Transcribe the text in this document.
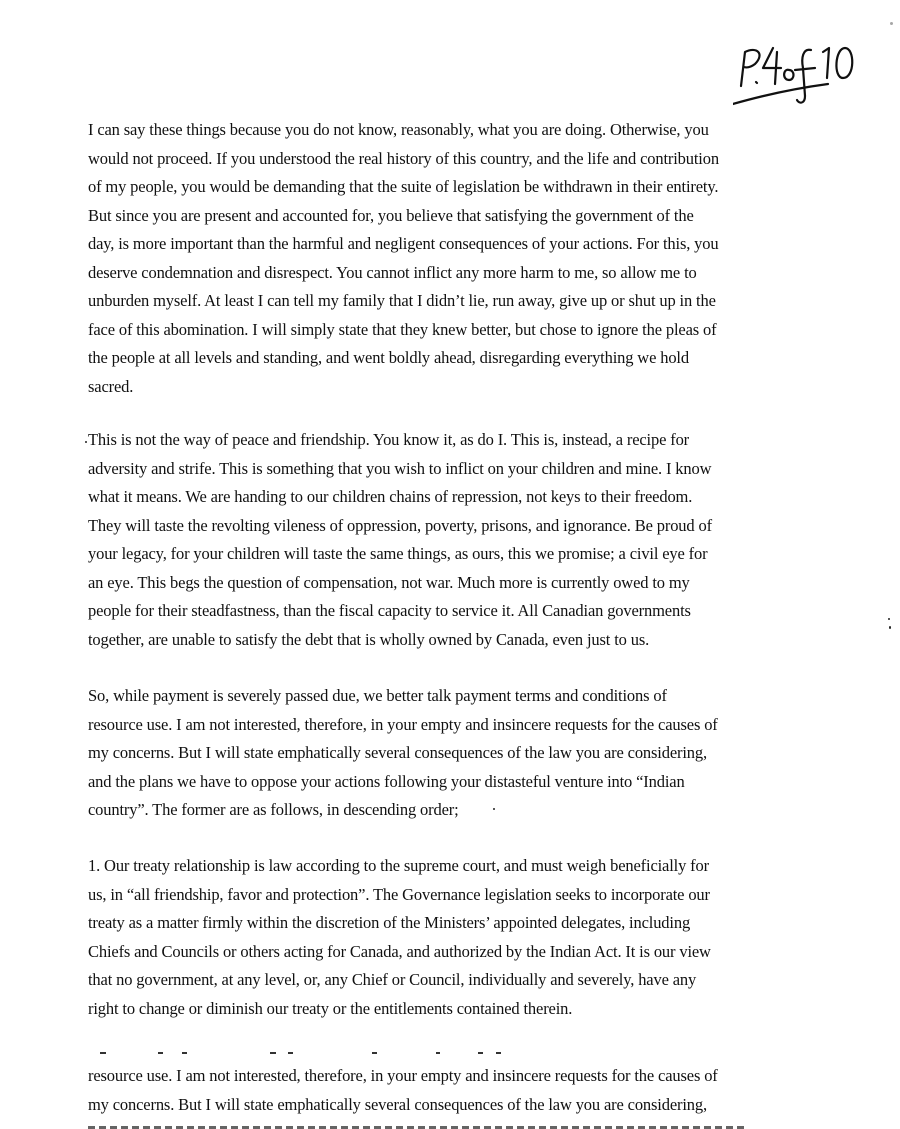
I can say these things because you do not know, reasonably, what you are doing. Otherwise, you
would not proceed. If you understood the real history of this country, and the life and contribution
of my people, you would be demanding that the suite of legislation be withdrawn in their entirety.
But since you are present and accounted for, you believe that satisfying the government of the
day, is more important than the harmful and negligent consequences of your actions. For this, you
deserve condemnation and disrespect. You cannot inflict any more harm to me, so allow me to
unburden myself. At least I can tell my family that I didn’t lie, run away, give up or shut up in the
face of this abomination. I will simply state that they knew better, but chose to ignore the pleas of
the people at all levels and standing, and went boldly ahead, disregarding everything we hold
sacred.

This is not the way of peace and friendship. You know it, as do I. This is, instead, a recipe for
adversity and strife. This is something that you wish to inflict on your children and mine. I know
what it means. We are handing to our children chains of repression, not keys to their freedom.
They will taste the revolting vileness of oppression, poverty, prisons, and ignorance. Be proud of
your legacy, for your children will taste the same things, as ours, this we promise; a civil eye for
an eye. This begs the question of compensation, not war. Much more is currently owed to my
people for their steadfastness, than the fiscal capacity to service it. All Canadian governments
together, are unable to satisfy the debt that is wholly owned by Canada, even just to us.

So, while payment is severely passed due, we better talk payment terms and conditions of
resource use. I am not interested, therefore, in your empty and insincere requests for the causes of
my concerns. But I will state emphatically several consequences of the law you are considering,
and the plans we have to oppose your actions following your distasteful venture into “Indian
country”. The former are as follows, in descending order;

1. Our treaty relationship is law according to the supreme court, and must weigh beneficially for
us, in “all friendship, favor and protection”. The Governance legislation seeks to incorporate our
treaty as a matter firmly within the discretion of the Ministers’ appointed delegates, including
Chiefs and Councils or others acting for Canada, and authorized by the Indian Act. It is our view
that no government, at any level, or, any Chief or Council, individually and severely, have any
right to change or diminish our treaty or the entitlements contained therein.

resource use. I am not interested, therefore, in your empty and insincere requests for the causes of
my concerns. But I will state emphatically several consequences of the law you are considering,
